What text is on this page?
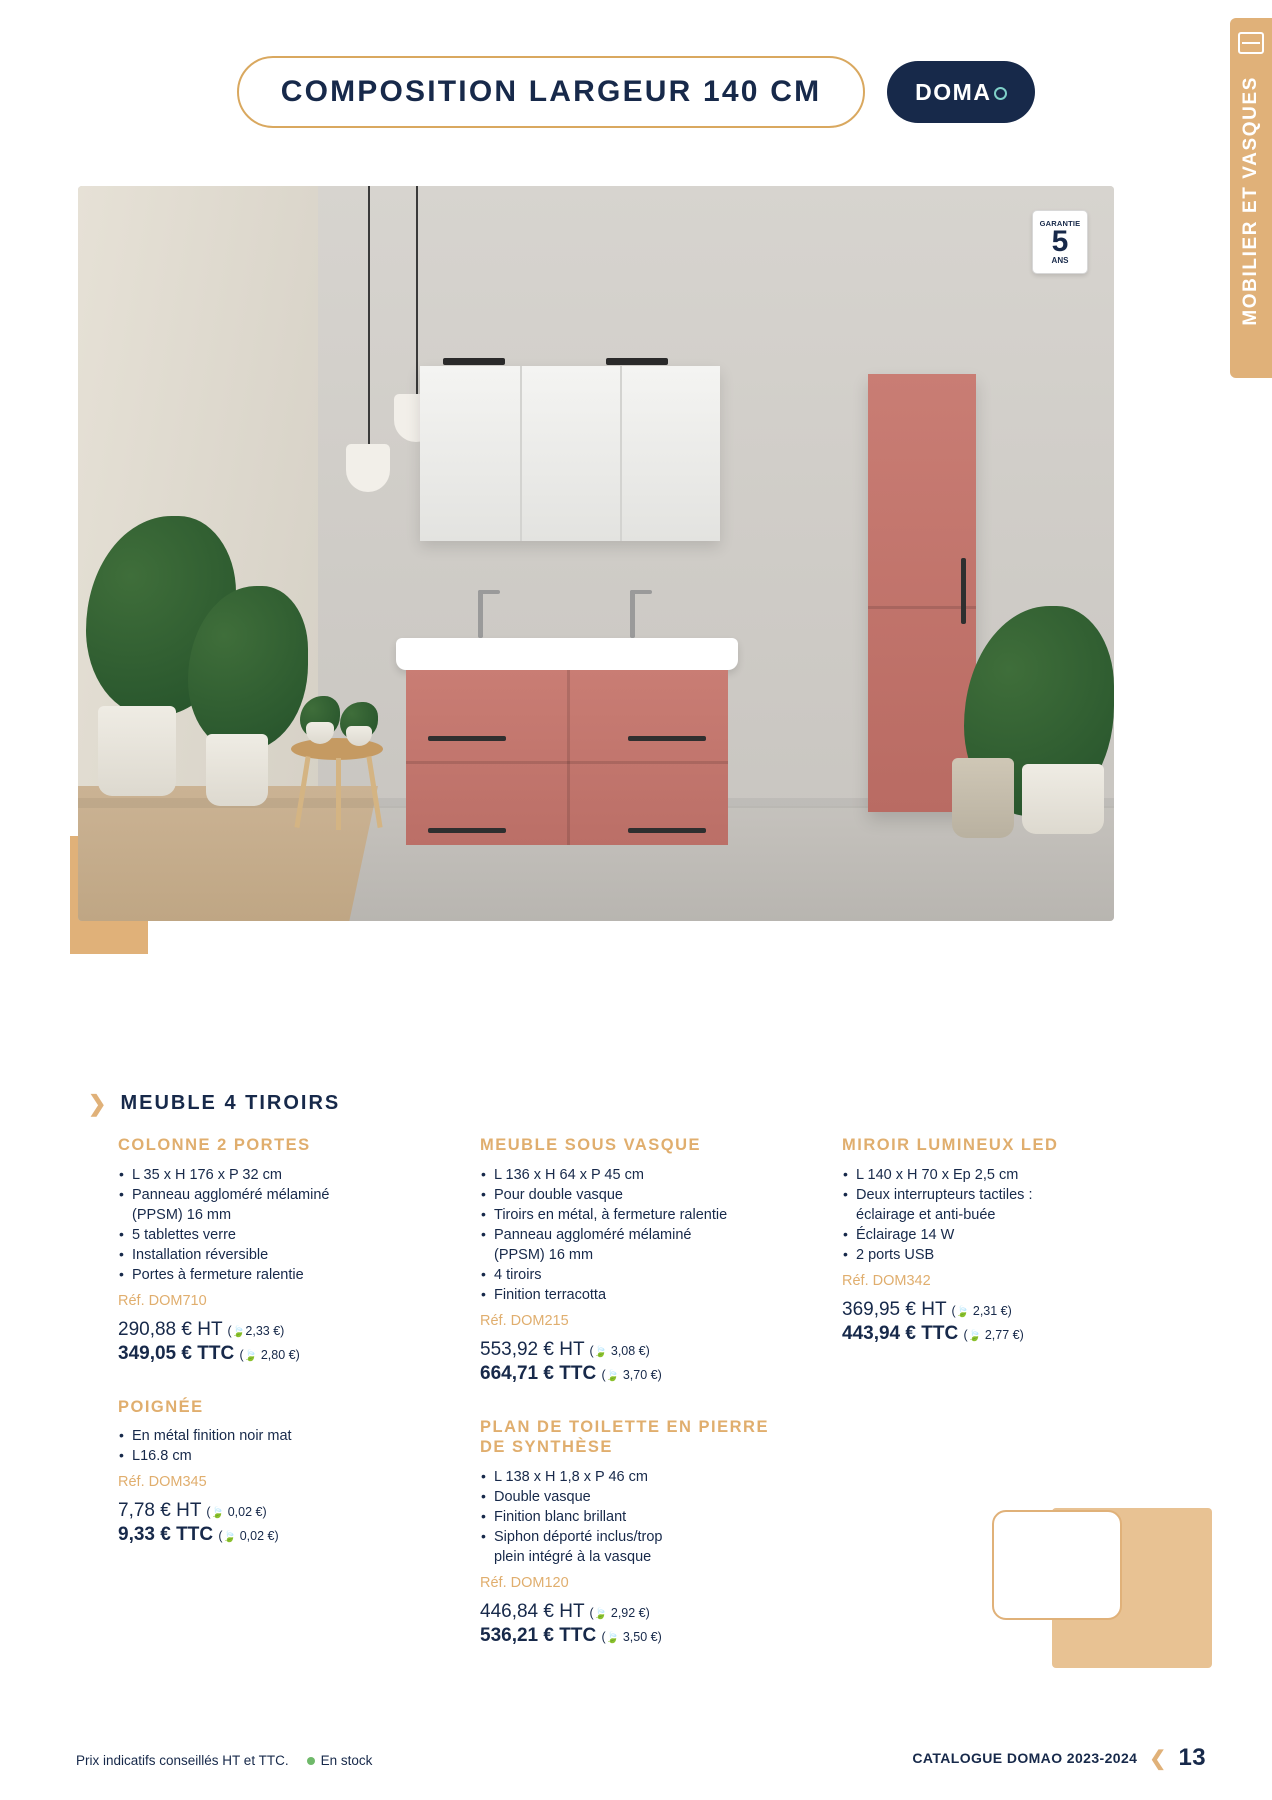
COMPOSITION LARGEUR 140 CM	DOMA	MOBILIER ET VASQUES
GARANTIE
5
ANS
❯ MEUBLE 4 TIROIRS
COLONNE 2 PORTES
• L 35 x H 176 x P 32 cm
• Panneau aggloméré mélaminé
(PPSM) 16 mm
• 5 tablettes verre
• Installation réversible
• Portes à fermeture ralentie
Réf. DOM710
290,88 € HT (🍃2,33 €)
349,05 € TTC (🍃 2,80 €)
POIGNÉE
• En métal finition noir mat
• L16.8 cm
Réf. DOM345
7,78 € HT (🍃 0,02 €)
9,33 € TTC (🍃 0,02 €)
MEUBLE SOUS VASQUE
• L 136 x H 64 x P 45 cm
• Pour double vasque
• Tiroirs en métal, à fermeture ralentie
• Panneau aggloméré mélaminé
(PPSM) 16 mm
• 4 tiroirs
• Finition terracotta
Réf. DOM215
553,92 € HT (🍃 3,08 €)
664,71 € TTC (🍃 3,70 €)
PLAN DE TOILETTE EN PIERRE DE SYNTHÈSE
• L 138 x H 1,8 x P 46 cm
• Double vasque
• Finition blanc brillant
• Siphon déporté inclus/trop
plein intégré à la vasque
Réf. DOM120
446,84 € HT (🍃 2,92 €)
536,21 € TTC (🍃 3,50 €)
MIROIR LUMINEUX LED
• L 140 x H 70 x Ep 2,5 cm
• Deux interrupteurs tactiles :
éclairage et anti-buée
• Éclairage 14 W
• 2 ports USB
Réf. DOM342
369,95 € HT (🍃 2,31 €)
443,94 € TTC (🍃 2,77 €)
Prix indicatifs conseillés HT et TTC. En stock	CATALOGUE DOMAO 2023-2024 ❮ 13
